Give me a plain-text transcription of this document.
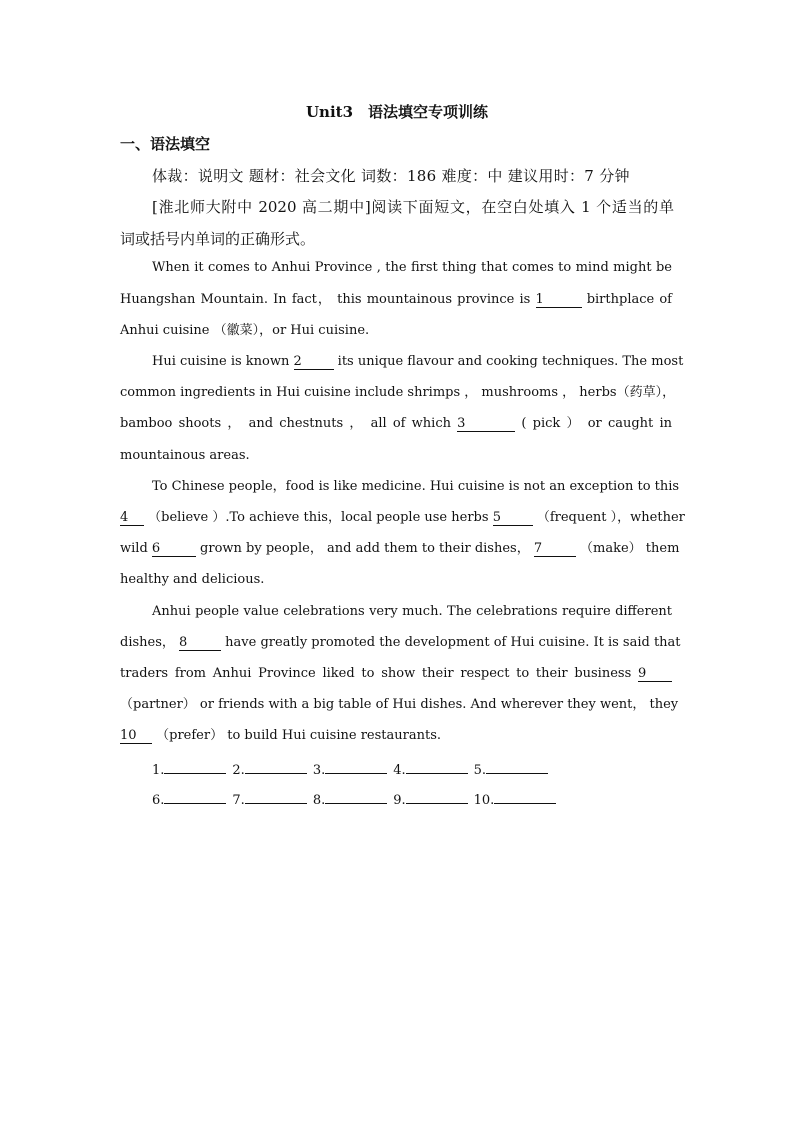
Unit3　语法填空专项训练
一、语法填空
体裁：说明文 题材：社会文化 词数：186 难度：中 建议用时：7 分钟
[淮北师大附中 2020 高二期中]阅读下面短文，在空白处填入 1 个适当的单
词或括号内单词的正确形式。
When it comes to Anhui Province , the first thing that comes to mind might be
Huangshan Mountain. In fact， this mountainous province is 1	birthplace of
Anhui cuisine （徽菜），or Hui cuisine.
Hui cuisine is known 2	its unique flavour and cooking techniques. The most
common ingredients in Hui cuisine include shrimps ， mushrooms ， herbs（药草），
bamboo shoots ， and chestnuts ， all of which 3	( pick ） or caught in
mountainous areas.
To Chinese people，food is like medicine. Hui cuisine is not an exception to this
4 （believe ）.To achieve this，local people use herbs 5	（frequent ），whether
wild 6	grown by people， and add them to their dishes， 7	（make） them
healthy and delicious.
Anhui people value celebrations very much. The celebrations require different
dishes， 8	have greatly promoted the development of Hui cuisine. It is said that
traders from Anhui Province liked to show their respect to their business 9
（partner） or friends with a big table of Hui dishes. And wherever they went， they
10 （prefer） to build Hui cuisine restaurants.
1.	2.	3.	4.	5.
6.	7.	8.	9.	10.
